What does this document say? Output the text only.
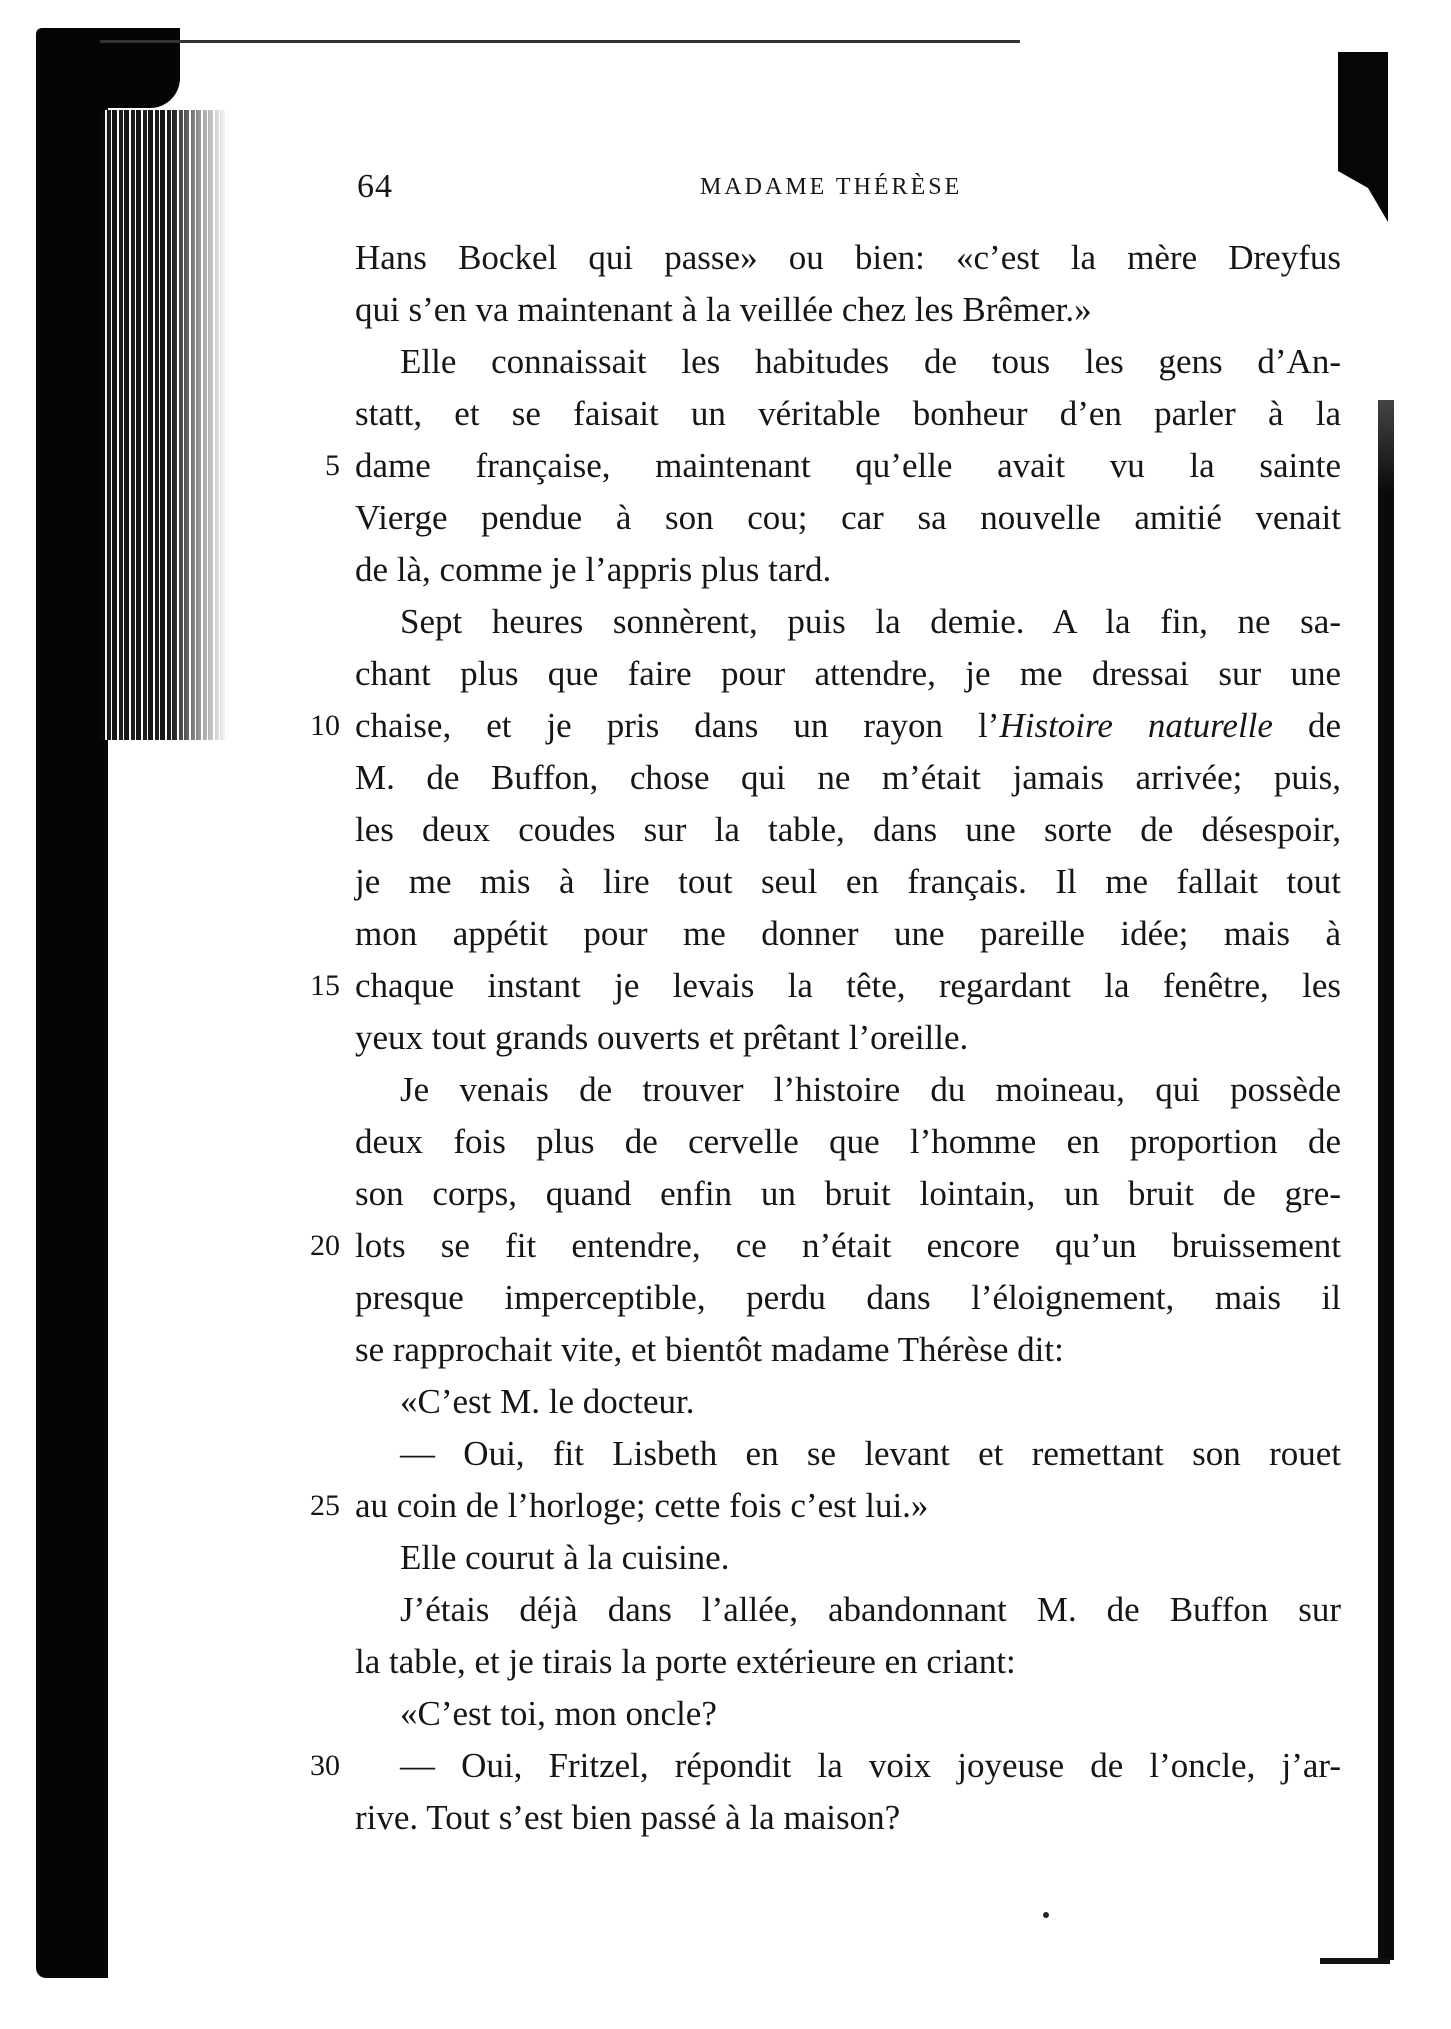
64	MADAME THÉRÈSE
Hans Bockel qui passe» ou bien: «c’est la mère Dreyfus
qui s’en va maintenant à la veillée chez les Brêmer.»
Elle connaissait les habitudes de tous les gens d’An-
statt, et se faisait un véritable bonheur d’en parler à la
5 dame française, maintenant qu’elle avait vu la sainte
Vierge pendue à son cou; car sa nouvelle amitié venait
de là, comme je l’appris plus tard.
Sept heures sonnèrent, puis la demie. A la fin, ne sa-
chant plus que faire pour attendre, je me dressai sur une
10 chaise, et je pris dans un rayon l’Histoire naturelle de
M. de Buffon, chose qui ne m’était jamais arrivée; puis,
les deux coudes sur la table, dans une sorte de désespoir,
je me mis à lire tout seul en français. Il me fallait tout
mon appétit pour me donner une pareille idée; mais à
15 chaque instant je levais la tête, regardant la fenêtre, les
yeux tout grands ouverts et prêtant l’oreille.
Je venais de trouver l’histoire du moineau, qui possède
deux fois plus de cervelle que l’homme en proportion de
son corps, quand enfin un bruit lointain, un bruit de gre-
20 lots se fit entendre, ce n’était encore qu’un bruissement
presque imperceptible, perdu dans l’éloignement, mais il
se rapprochait vite, et bientôt madame Thérèse dit:
«C’est M. le docteur.
— Oui, fit Lisbeth en se levant et remettant son rouet
25 au coin de l’horloge; cette fois c’est lui.»
Elle courut à la cuisine.
J’étais déjà dans l’allée, abandonnant M. de Buffon sur
la table, et je tirais la porte extérieure en criant:
«C’est toi, mon oncle?
30 — Oui, Fritzel, répondit la voix joyeuse de l’oncle, j’ar-
rive. Tout s’est bien passé à la maison?
